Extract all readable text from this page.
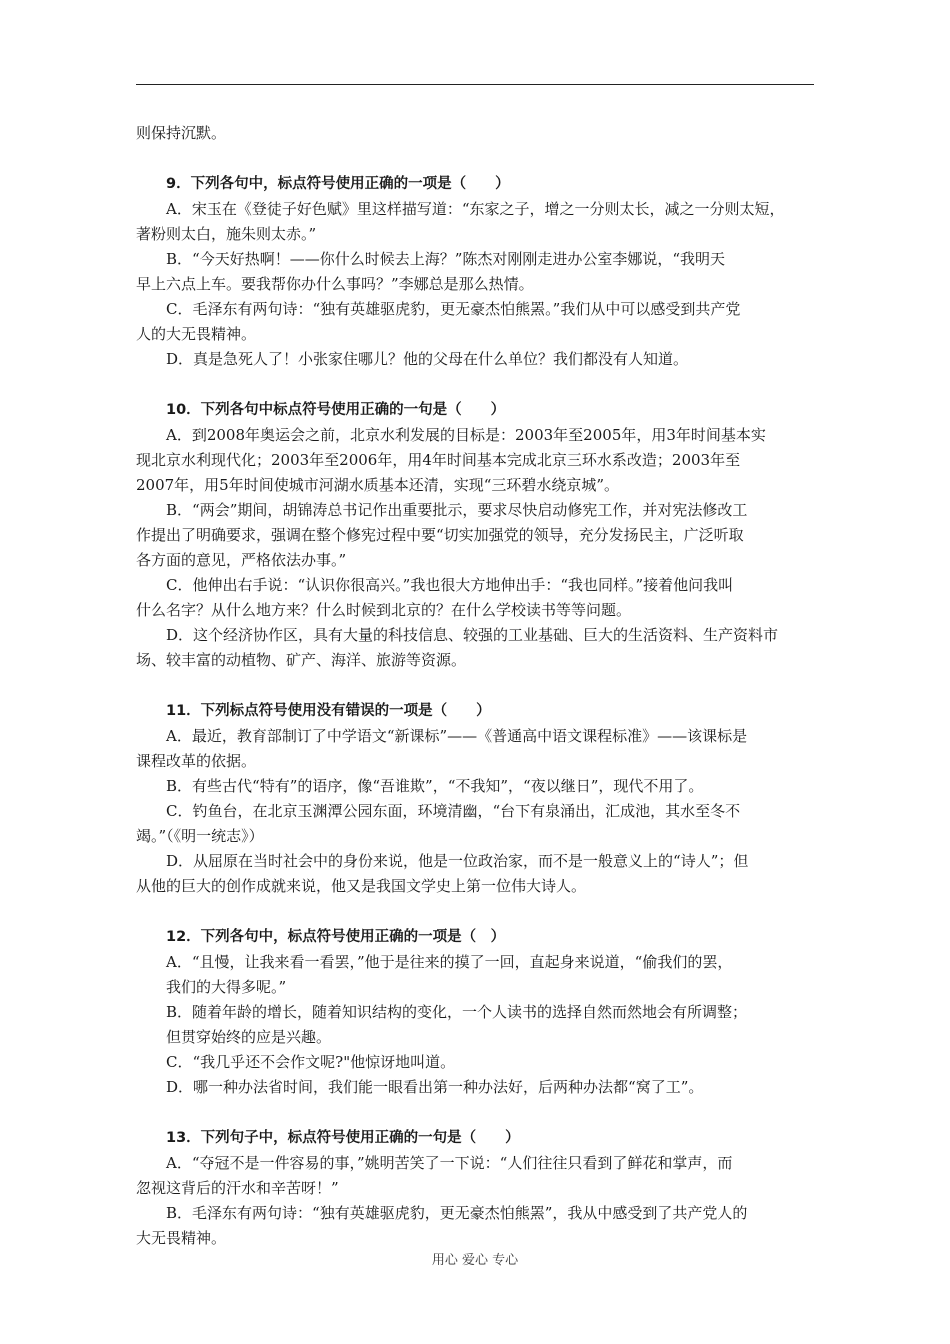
则保持沉默。
9．下列各句中，标点符号使用正确的一项是（　　）
A．宋玉在《登徒子好色赋》里这样描写道：“东家之子，增之一分则太长，减之一分则太短，
著粉则太白，施朱则太赤。”
B．“今天好热啊！——你什么时候去上海？”陈杰对刚刚走进办公室李娜说，“我明天
早上六点上车。要我帮你办什么事吗？”李娜总是那么热情。
C．毛泽东有两句诗：“独有英雄驱虎豹，更无豪杰怕熊罴。”我们从中可以感受到共产党
人的大无畏精神。
D．真是急死人了！小张家住哪儿？他的父母在什么单位？我们都没有人知道。
10．下列各句中标点符号使用正确的一句是（　　）
A．到2008年奥运会之前，北京水利发展的目标是：2003年至2005年，用3年时间基本实
现北京水利现代化；2003年至2006年，用4年时间基本完成北京三环水系改造；2003年至
2007年，用5年时间使城市河湖水质基本还清，实现“三环碧水绕京城”。
B．“两会”期间，胡锦涛总书记作出重要批示，要求尽快启动修宪工作，并对宪法修改工
作提出了明确要求，强调在整个修宪过程中要“切实加强党的领导，充分发扬民主，广泛听取
各方面的意见，严格依法办事。”
C．他伸出右手说：“认识你很高兴。”我也很大方地伸出手：“我也同样。”接着他问我叫
什么名字？从什么地方来？什么时候到北京的？在什么学校读书等等问题。
D．这个经济协作区，具有大量的科技信息、较强的工业基础、巨大的生活资料、生产资料市
场、较丰富的动植物、矿产、海洋、旅游等资源。
11．下列标点符号使用没有错误的一项是（　　）
A．最近，教育部制订了中学语文“新课标”——《普通高中语文课程标准》——该课标是
课程改革的依据。
B．有些古代“特有”的语序，像“吾谁欺”，“不我知”，“夜以继日”，现代不用了。
C．钓鱼台，在北京玉渊潭公园东面，环境清幽，“台下有泉涌出，汇成池，其水至冬不
竭。”（《明一统志》）
D．从屈原在当时社会中的身份来说，他是一位政治家，而不是一般意义上的“诗人”；但
从他的巨大的创作成就来说，他又是我国文学史上第一位伟大诗人。
12．下列各句中，标点符号使用正确的一项是（　）
A．“且慢，让我来看一看罢，”他于是往来的摸了一回，直起身来说道，“偷我们的罢，
我们的大得多呢。”
B．随着年龄的增长，随着知识结构的变化，一个人读书的选择自然而然地会有所调整；
但贯穿始终的应是兴趣。
C．“我几乎还不会作文呢?"他惊讶地叫道。
D．哪一种办法省时间，我们能一眼看出第一种办法好，后两种办法都“窝了工”。
13．下列句子中，标点符号使用正确的一句是（　　）
A．“夺冠不是一件容易的事，”姚明苦笑了一下说：“人们往往只看到了鲜花和掌声，而
忽视这背后的汗水和辛苦呀！”
B．毛泽东有两句诗：“独有英雄驱虎豹，更无豪杰怕熊罴”，我从中感受到了共产党人的
大无畏精神。
用心 爱心 专心
